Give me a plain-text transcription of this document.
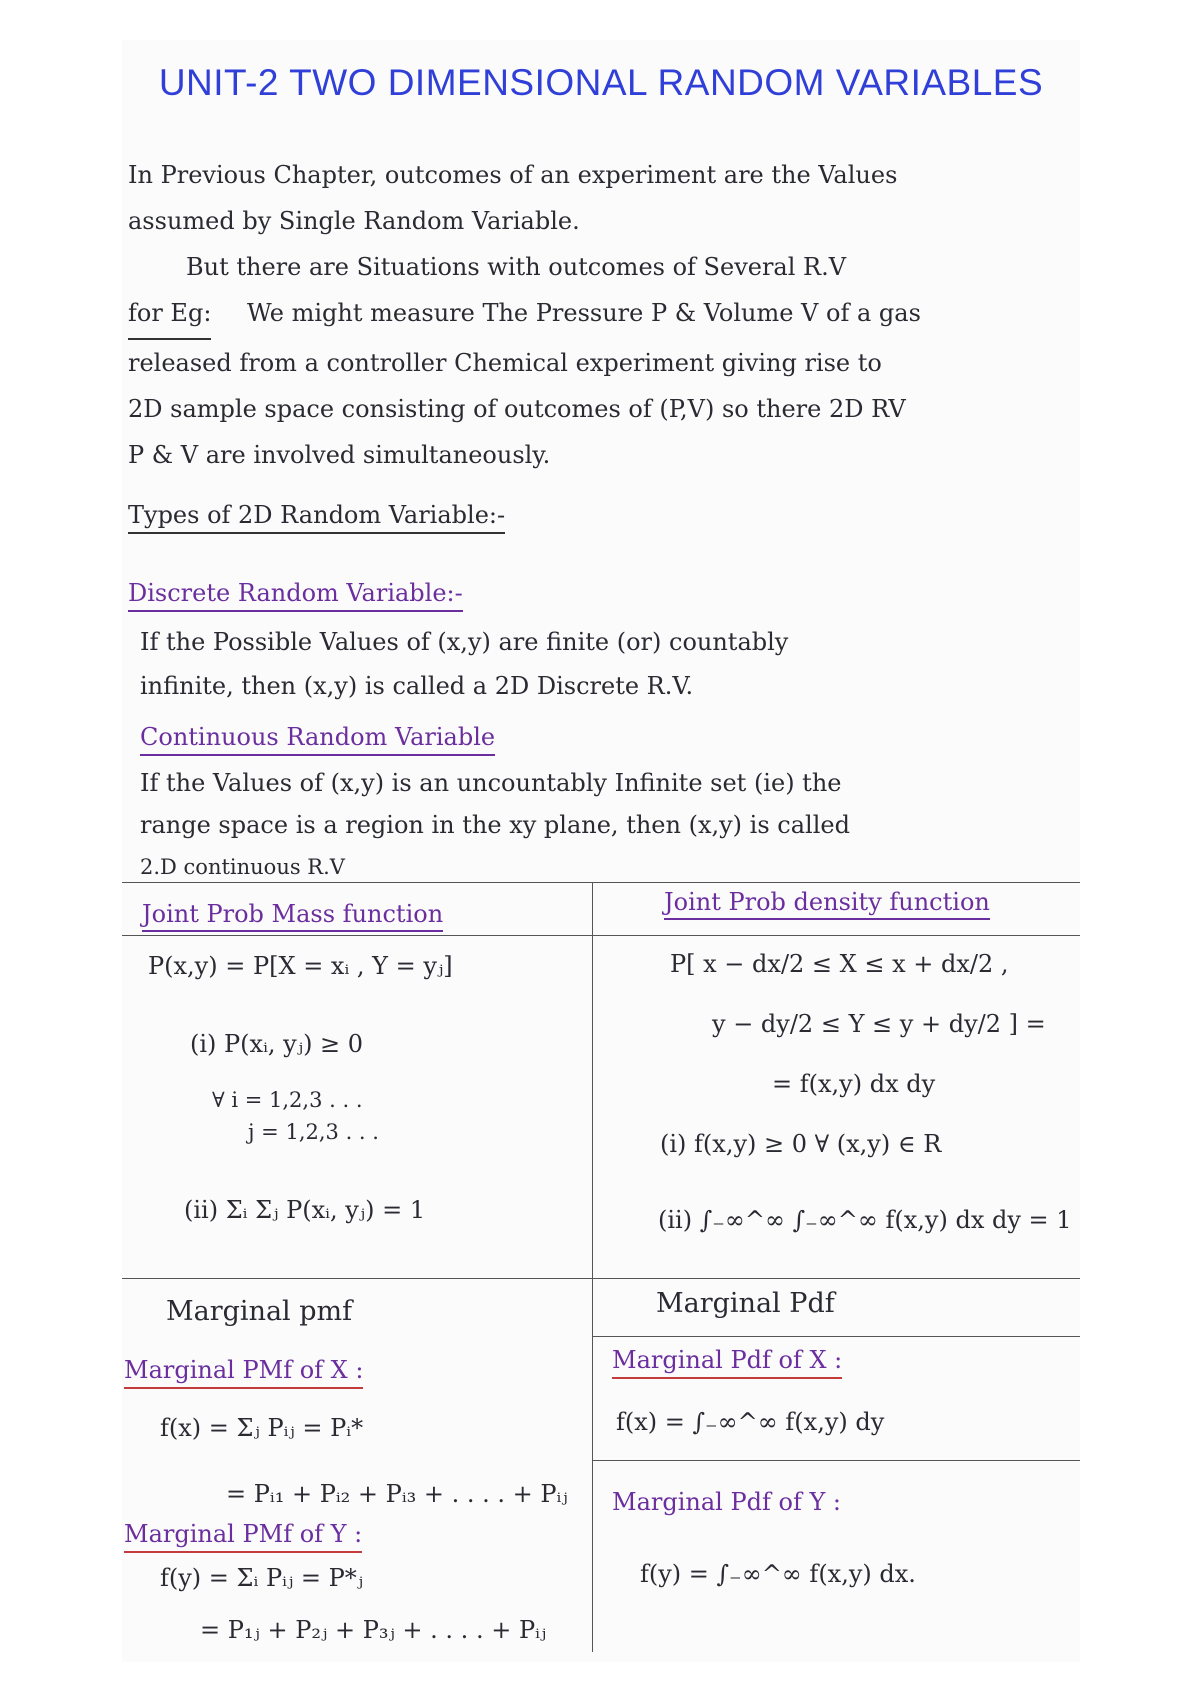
UNIT-2 TWO DIMENSIONAL RANDOM VARIABLES
In Previous Chapter, outcomes of an experiment are the Values
assumed by Single Random Variable.
But there are Situations with outcomes of Several R.V
for Eg: We might measure The Pressure P & Volume V of a gas
released from a controller Chemical experiment giving rise to
2D sample space consisting of outcomes of (P,V) so there 2D RV
P & V are involved simultaneously.
Types of 2D Random Variable:-
Discrete Random Variable:-
If the Possible Values of (x,y) are finite (or) countably
infinite, then (x,y) is called a 2D Discrete R.V.
Continuous Random Variable
If the Values of (x,y) is an uncountably Infinite set (ie) the
range space is a region in the xy plane, then (x,y) is called
2.D continuous R.V
Joint Prob Mass function	Joint Prob density function
P(x,y) = P[X = xᵢ , Y = yⱼ]
(i) P(xᵢ, yⱼ) ≥ 0
∀ i = 1,2,3 . . .
j = 1,2,3 . . .
(ii) Σᵢ Σⱼ P(xᵢ, yⱼ) = 1
P[ x − dx/2 ≤ X ≤ x + dx/2 ,
y − dy/2 ≤ Y ≤ y + dy/2 ] =
= f(x,y) dx dy
(i) f(x,y) ≥ 0 ∀ (x,y) ∈ R
(ii) ∫₋∞^∞ ∫₋∞^∞ f(x,y) dx dy = 1
Marginal pmf	Marginal Pdf
Marginal PMf of X :
f(x) = Σⱼ Pᵢⱼ = Pᵢ*
= Pᵢ₁ + Pᵢ₂ + Pᵢ₃ + . . . . + Pᵢⱼ
Marginal PMf of Y :
f(y) = Σᵢ Pᵢⱼ = P*ⱼ
= P₁ⱼ + P₂ⱼ + P₃ⱼ + . . . . + Pᵢⱼ
Marginal Pdf of X :
f(x) = ∫₋∞^∞ f(x,y) dy
Marginal Pdf of Y :
f(y) = ∫₋∞^∞ f(x,y) dx.
